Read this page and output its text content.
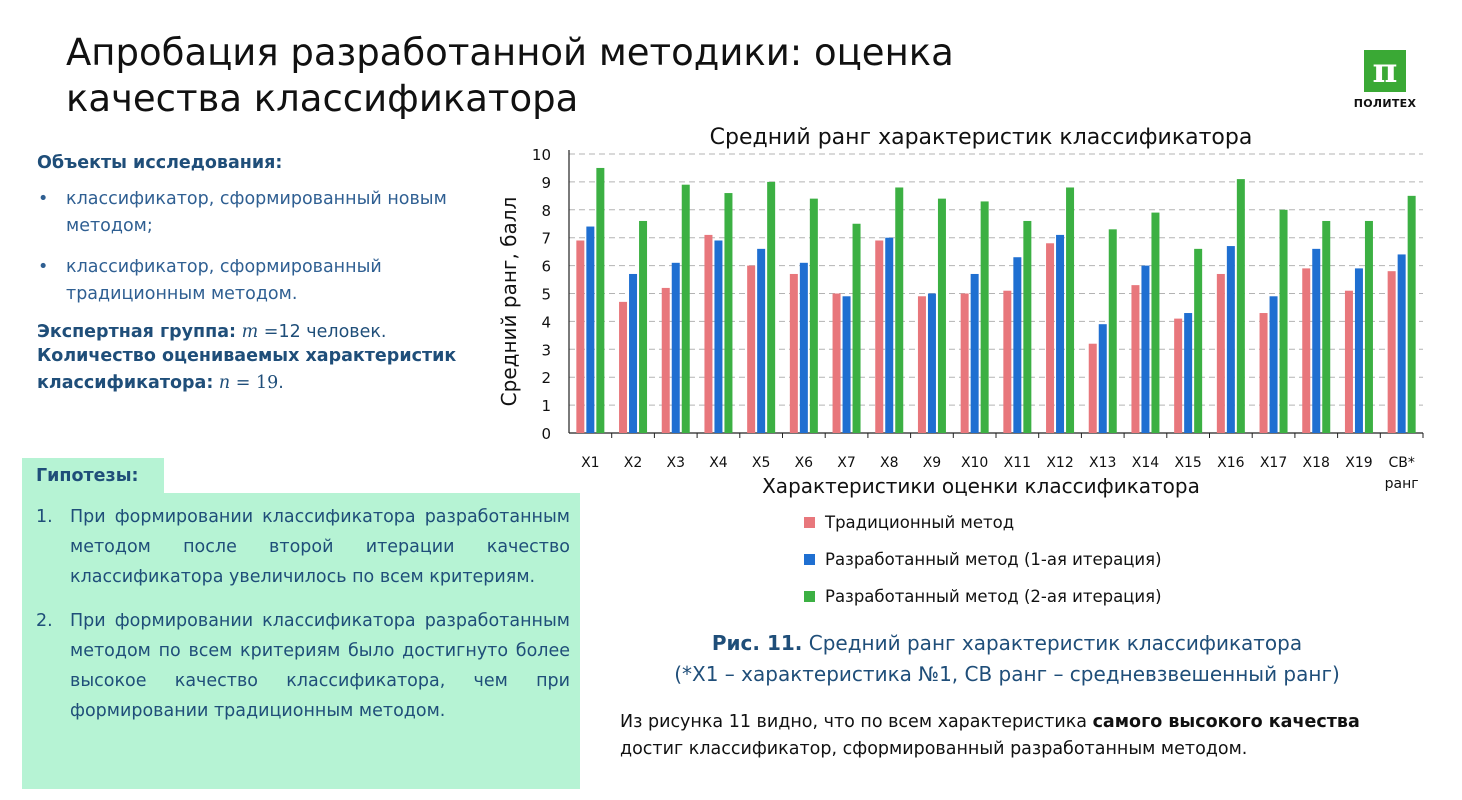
Апробация разработанной методики: оценка качества классификатора
π
ПОЛИТЕХ
Объекты исследования:
• классификатор, сформированный новым методом;
• классификатор, сформированный традиционным методом.
Экспертная группа: m =12 человек.
Количество оцениваемых характеристик классификатора: n = 19.
Гипотезы:
1. При формировании классификатора разработанным методом после второй итерации качество классификатора увеличилось по всем критериям.
2. При формировании классификатора разработанным методом по всем критериям было достигнуто более высокое качество классификатора, чем при формировании традиционным методом.
Средний ранг характеристик классификатора
0
1
2
3
4
5
6
7
8
9
10
X1 X2 X3 X4 X5 X6 X7 X8 X9 X10 X11 X12 X13 X14 X15 X16 X17 X18 X19 СВ*
ранг
Характеристики оценки классификатора
Средний ранг, балл
Традиционный метод
Разработанный метод (1-ая итерация)
Разработанный метод (2-ая итерация)
Рис. 11. Средний ранг характеристик классификатора
(*X1 – характеристика №1, СВ ранг – средневзвешенный ранг)
Из рисунка 11 видно, что по всем характеристика самого высокого качества достиг классификатор, сформированный разработанным методом.
